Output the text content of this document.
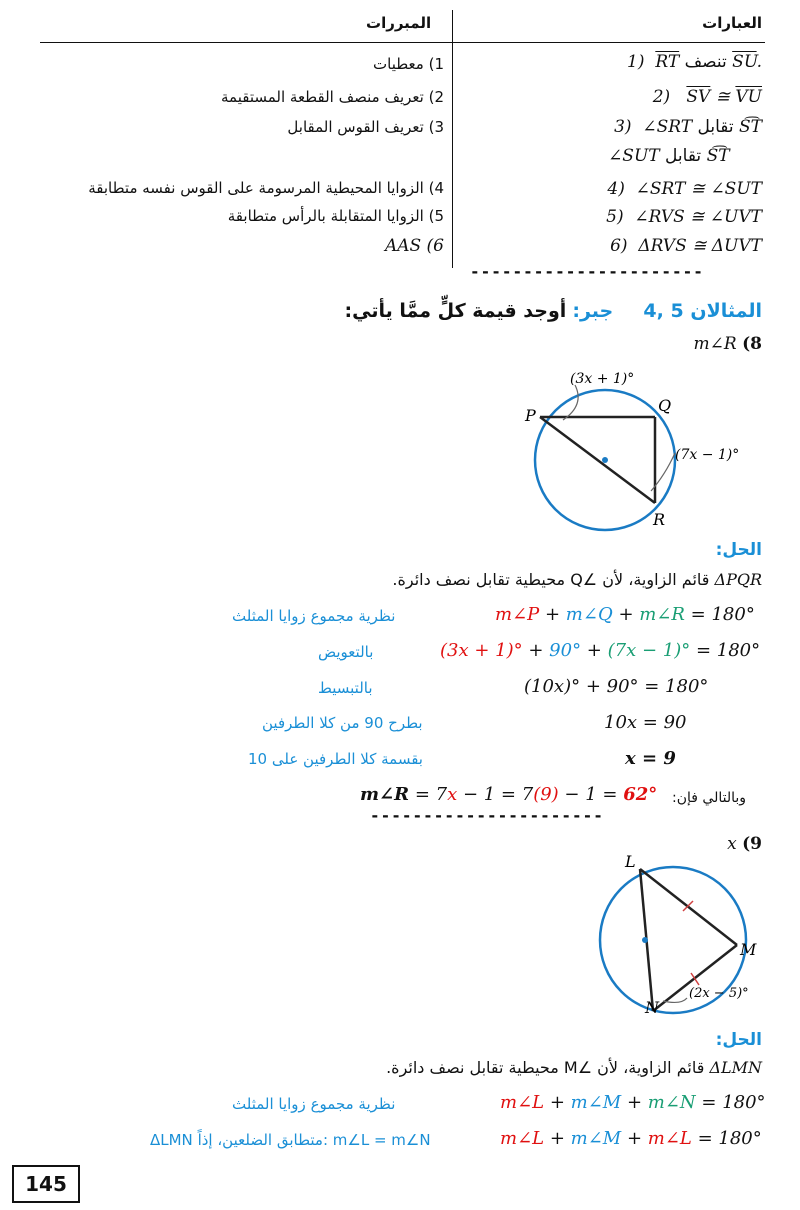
العبارات
المبررات
1)  $\overline{RT}$ تنصف $\overline{SU}$.
2)   $\overline{SV}$ ≅ $\overline{VU}$
3)  ∠SRT تقابل S͡T
∠SUT تقابل S͡T
4)  ∠SRT ≅ ∠SUT
5)  ∠RVS ≅ ∠UVT
6)  ΔRVS ≅ ΔUVT
1) معطيات
2) تعريف منصف القطعة المستقيمة
3) تعريف القوس المقابل
4) الزوايا المحيطية المرسومة على القوس نفسه متطابقة
5) الزوايا المتقابلة بالرأس متطابقة
AAS (6
----------------------
المثالان 5 ,4     جبر: أوجد قيمة كلٍّ ممَّا يأتي:
m∠R (8
(3x + 1)°
(7x − 1)°
P
Q
R
الحل:
ΔPQR قائم الزاوية، لأن ∠Q محيطية تقابل نصف دائرة.
m∠P + m∠Q + m∠R = 180°
نظرية مجموع زوايا المثلث
(3x + 1)° + 90° + (7x − 1)° = 180°
بالتعويض
(10x)° + 90° = 180°
بالتبسيط
10x = 90
بطرح 90 من كلا الطرفين
x = 9
بقسمة كلا الطرفين على 10
وبالتالي فإن:
m∠R = 7x − 1 = 7(9) − 1 = 62°
----------------------
x (9
L
M
N
(2x − 5)°
الحل:
ΔLMN قائم الزاوية، لأن ∠M محيطية تقابل نصف دائرة.
m∠L + m∠M + m∠N = 180°
نظرية مجموع زوايا المثلث
m∠L + m∠M + m∠L = 180°
ΔLMN متطابق الضلعين، إذاً: m∠L = m∠N
145
